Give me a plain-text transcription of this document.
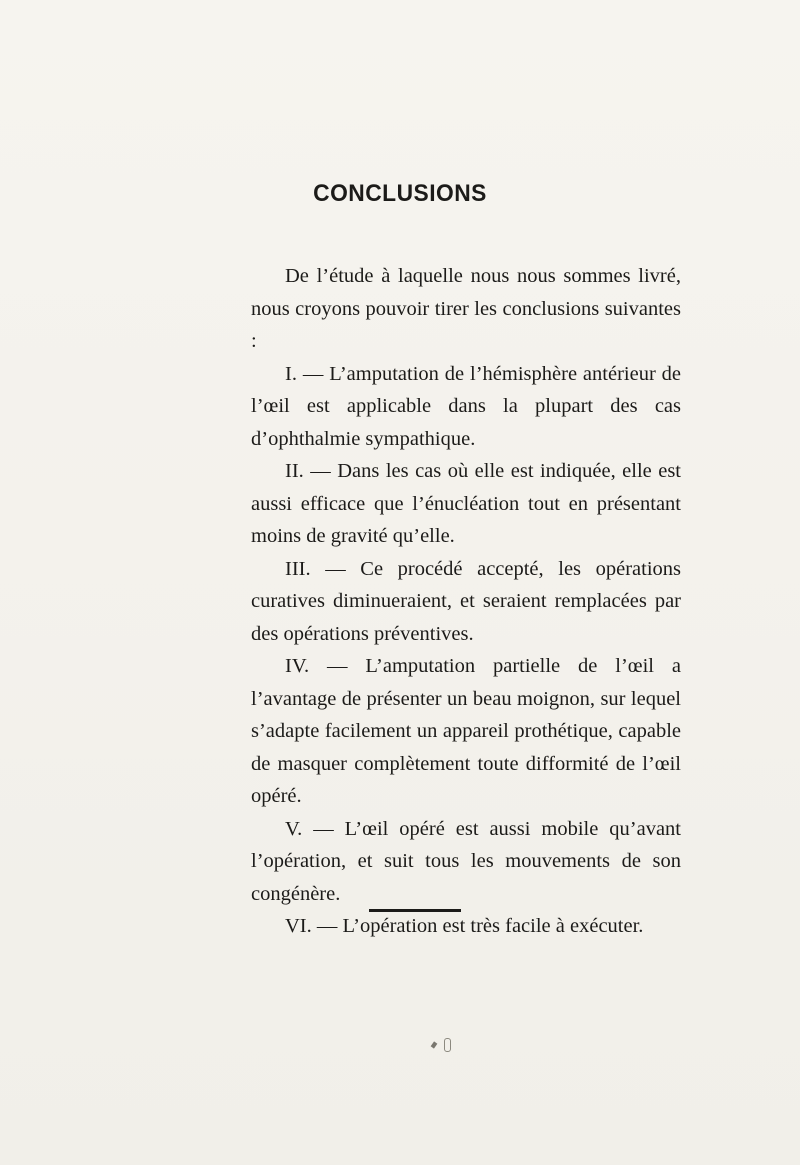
CONCLUSIONS

De l’étude à laquelle nous nous sommes livré, nous croyons pouvoir tirer les conclusions suivantes :

I. — L’amputation de l’hémisphère antérieur de l’œil est applicable dans la plupart des cas d’ophthalmie sympathique.

II. — Dans les cas où elle est indiquée, elle est aussi efficace que l’énucléation tout en présentant moins de gravité qu’elle.

III. — Ce procédé accepté, les opérations curatives diminueraient, et seraient remplacées par des opérations préventives.

IV. — L’amputation partielle de l’œil a l’avantage de présenter un beau moignon, sur lequel s’adapte facilement un appareil prothétique, capable de masquer complètement toute difformité de l’œil opéré.

V. — L’œil opéré est aussi mobile qu’avant l’opération, et suit tous les mouvements de son congénère.

VI. — L’opération est très facile à exécuter.
